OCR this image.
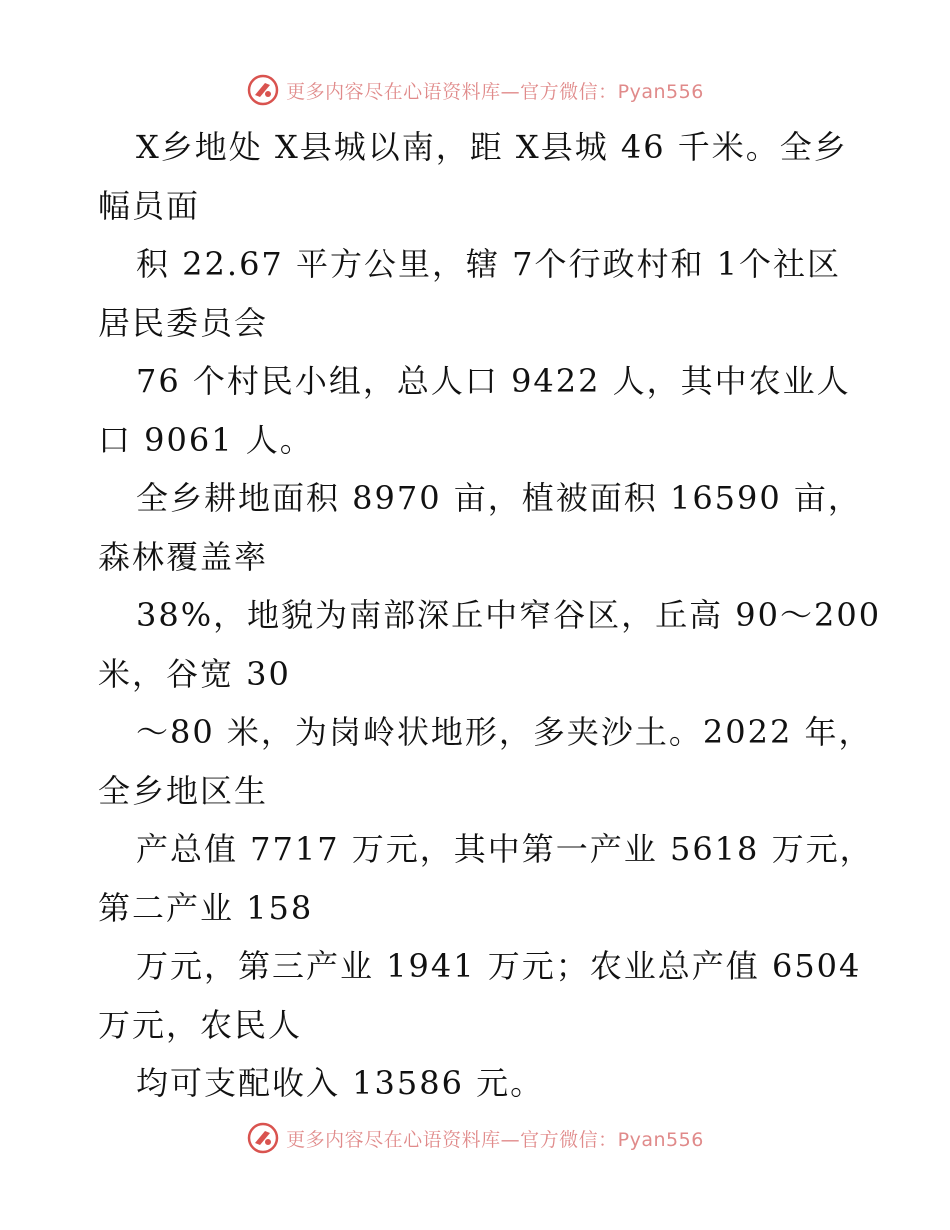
更多内容尽在心语资料库—官方微信：Pyan556
X乡地处 X县城以南，距 X县城 46 千米。全乡
幅员面
积 22.67 平方公里，辖 7个行政村和 1个社区
居民委员会
76 个村民小组，总人口 9422 人，其中农业人
口 9061 人。
全乡耕地面积 8970 亩，植被面积 16590 亩，
森林覆盖率
38%，地貌为南部深丘中窄谷区，丘高 90～200
米，谷宽 30
～80 米，为岗岭状地形，多夹沙土。2022 年，
全乡地区生
产总值 7717 万元，其中第一产业 5618 万元，
第二产业 158
万元，第三产业 1941 万元；农业总产值 6504
万元，农民人
均可支配收入 13586 元。
更多内容尽在心语资料库—官方微信：Pyan556
